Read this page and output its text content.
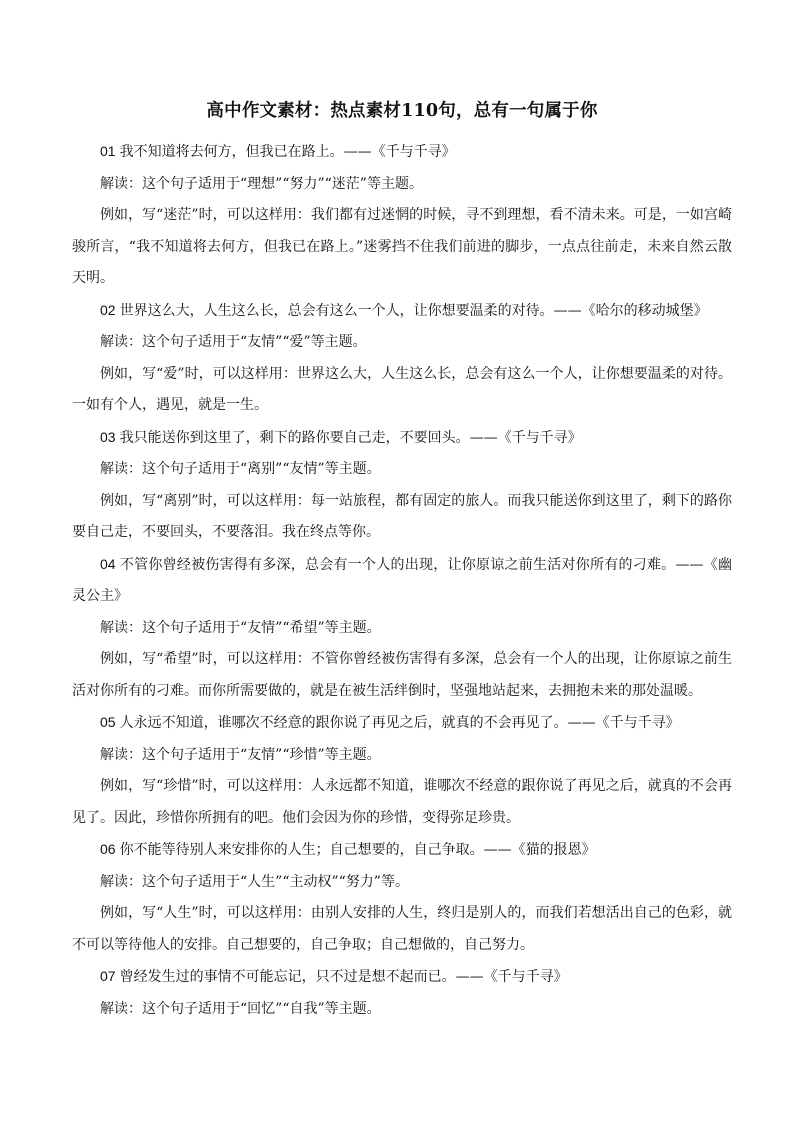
高中作文素材：热点素材110句，总有一句属于你

01 我不知道将去何方，但我已在路上。——《千与千寻》

解读：这个句子适用于“理想”“努力”“迷茫”等主题。

例如，写“迷茫”时，可以这样用：我们都有过迷惘的时候，寻不到理想，看不清未来。可是，一如宫崎骏所言，“我不知道将去何方，但我已在路上。”迷雾挡不住我们前进的脚步，一点点往前走，未来自然云散天明。

02 世界这么大，人生这么长，总会有这么一个人，让你想要温柔的对待。——《哈尔的移动城堡》

解读：这个句子适用于“友情”“爱”等主题。

例如，写“爱”时，可以这样用：世界这么大，人生这么长，总会有这么一个人，让你想要温柔的对待。一如有个人，遇见，就是一生。

03 我只能送你到这里了，剩下的路你要自己走，不要回头。——《千与千寻》

解读：这个句子适用于“离别”“友情”等主题。

例如，写“离别”时，可以这样用：每一站旅程，都有固定的旅人。而我只能送你到这里了，剩下的路你要自己走，不要回头，不要落泪。我在终点等你。

04 不管你曾经被伤害得有多深，总会有一个人的出现，让你原谅之前生活对你所有的刁难。——《幽灵公主》

解读：这个句子适用于“友情”“希望”等主题。

例如，写“希望”时，可以这样用：不管你曾经被伤害得有多深，总会有一个人的出现，让你原谅之前生活对你所有的刁难。而你所需要做的，就是在被生活绊倒时，坚强地站起来，去拥抱未来的那处温暖。

05 人永远不知道，谁哪次不经意的跟你说了再见之后，就真的不会再见了。——《千与千寻》

解读：这个句子适用于“友情”“珍惜”等主题。

例如，写“珍惜”时，可以这样用：人永远都不知道，谁哪次不经意的跟你说了再见之后，就真的不会再见了。因此，珍惜你所拥有的吧。他们会因为你的珍惜，变得弥足珍贵。

06 你不能等待别人来安排你的人生；自己想要的，自己争取。——《猫的报恩》

解读：这个句子适用于“人生”“主动权”“努力”等。

例如，写“人生”时，可以这样用：由别人安排的人生，终归是别人的，而我们若想活出自己的色彩，就不可以等待他人的安排。自己想要的，自己争取；自己想做的，自己努力。

07 曾经发生过的事情不可能忘记，只不过是想不起而已。——《千与千寻》

解读：这个句子适用于“回忆”“自我”等主题。
